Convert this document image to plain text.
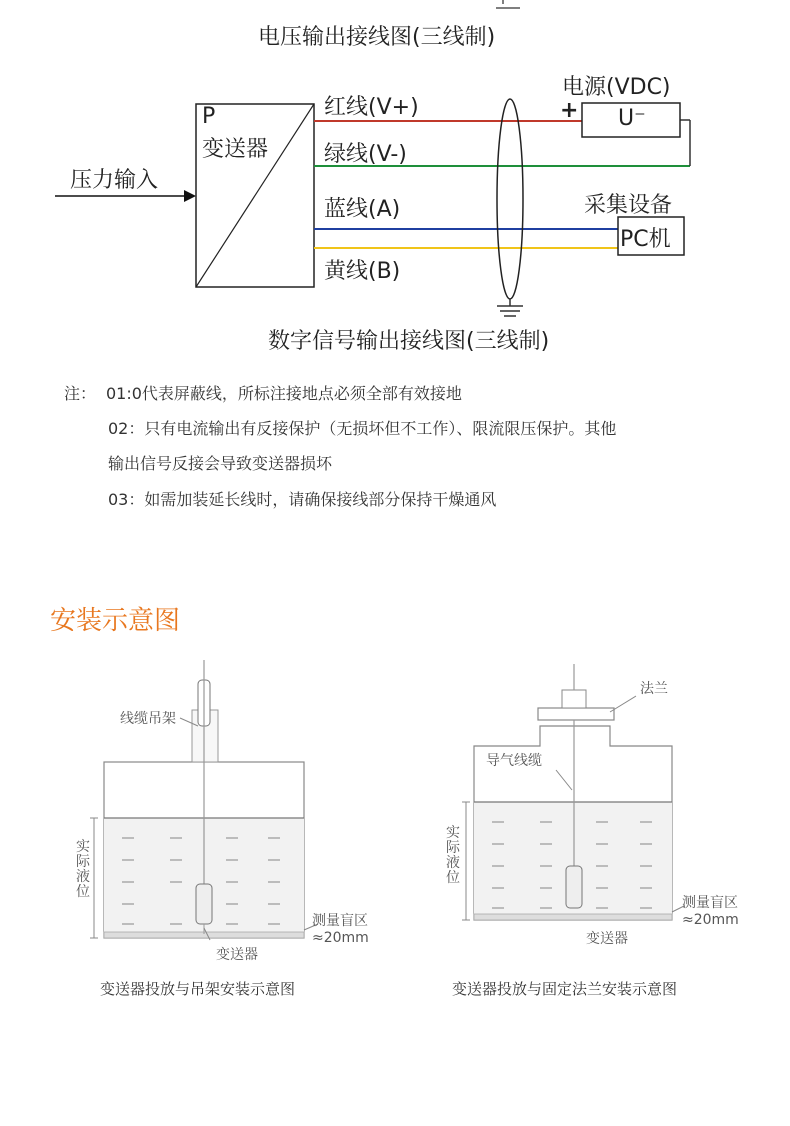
电压输出接线图(三线制)
压力输入
P
变送器
红线(V+)
绿线(V-)
蓝线(A)
黄线(B)
电源(VDC)
+ U⁻
采集设备
PC机
数字信号输出接线图(三线制)
注： 01:0代表屏蔽线，所标注接地点必须全部有效接地
02：只有电流输出有反接保护（无损坏但不工作）、限流限压保护。其他
输出信号反接会导致变送器损坏
03：如需加装延长线时，请确保接线部分保持干燥通风
安装示意图
线缆吊架
实际液位
测量盲区
≈20mm
变送器
变送器投放与吊架安装示意图
法兰
导气线缆
实际液位
测量盲区
≈20mm
变送器
变送器投放与固定法兰安装示意图
